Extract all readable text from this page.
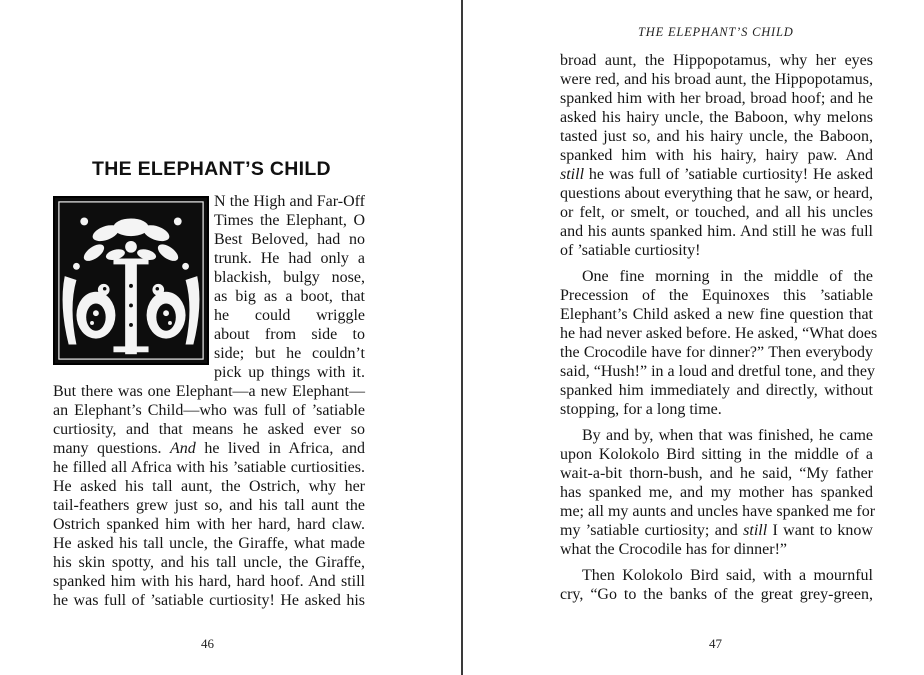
THE ELEPHANT’S CHILD
N the High and Far-Off
Times the Elephant, O
Best Beloved, had no
trunk. He had only a
blackish, bulgy nose,
as big as a boot, that
he could wriggle
about from side to
side; but he couldn’t
pick up things with it.
But there was one Elephant—a new Elephant—
an Elephant’s Child—who was full of ’satiable
curtiosity, and that means he asked ever so
many questions. And he lived in Africa, and
he filled all Africa with his ’satiable curtiosities.
He asked his tall aunt, the Ostrich, why her
tail-feathers grew just so, and his tall aunt the
Ostrich spanked him with her hard, hard claw.
He asked his tall uncle, the Giraffe, what made
his skin spotty, and his tall uncle, the Giraffe,
spanked him with his hard, hard hoof. And still
he was full of ’satiable curtiosity! He asked his
46
THE ELEPHANT’S CHILD
broad aunt, the Hippopotamus, why her eyes
were red, and his broad aunt, the Hippopotamus,
spanked him with her broad, broad hoof; and he
asked his hairy uncle, the Baboon, why melons
tasted just so, and his hairy uncle, the Baboon,
spanked him with his hairy, hairy paw. And
still he was full of ’satiable curtiosity! He asked
questions about everything that he saw, or heard,
or felt, or smelt, or touched, and all his uncles
and his aunts spanked him. And still he was full
of ’satiable curtiosity!
One fine morning in the middle of the
Precession of the Equinoxes this ’satiable
Elephant’s Child asked a new fine question that
he had never asked before. He asked, “What does
the Crocodile have for dinner?” Then everybody
said, “Hush!” in a loud and dretful tone, and they
spanked him immediately and directly, without
stopping, for a long time.
By and by, when that was finished, he came
upon Kolokolo Bird sitting in the middle of a
wait-a-bit thorn-bush, and he said, “My father
has spanked me, and my mother has spanked
me; all my aunts and uncles have spanked me for
my ’satiable curtiosity; and still I want to know
what the Crocodile has for dinner!”
Then Kolokolo Bird said, with a mournful
cry, “Go to the banks of the great grey-green,
47
